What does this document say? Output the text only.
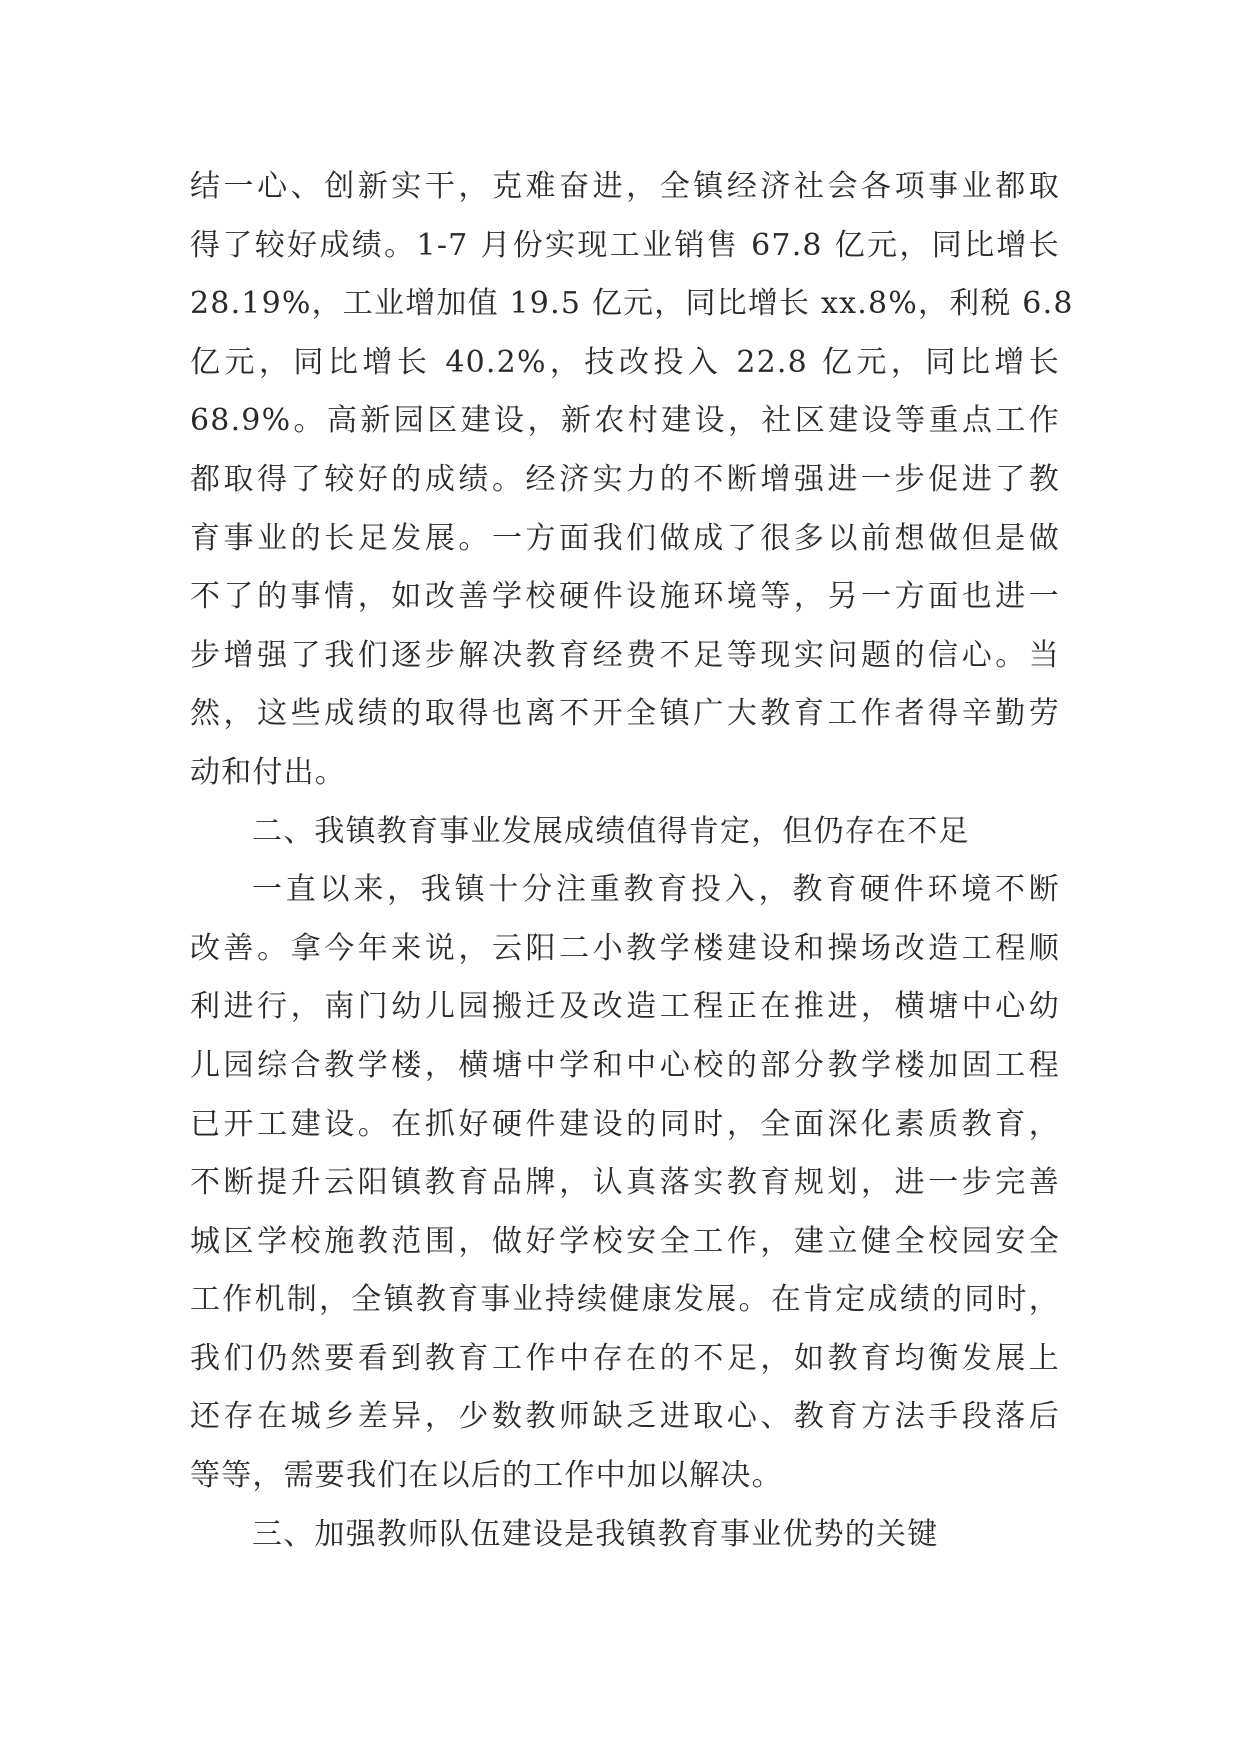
结一心、创新实干，克难奋进，全镇经济社会各项事业都取
得了较好成绩。1-7 月份实现工业销售 67.8 亿元，同比增长
28.19%，工业增加值 19.5 亿元，同比增长 xx.8%，利税 6.8
亿元，同比增长 40.2%，技改投入 22.8 亿元，同比增长
68.9%。高新园区建设，新农村建设，社区建设等重点工作
都取得了较好的成绩。经济实力的不断增强进一步促进了教
育事业的长足发展。一方面我们做成了很多以前想做但是做
不了的事情，如改善学校硬件设施环境等，另一方面也进一
步增强了我们逐步解决教育经费不足等现实问题的信心。当
然，这些成绩的取得也离不开全镇广大教育工作者得辛勤劳
动和付出。
二、我镇教育事业发展成绩值得肯定，但仍存在不足
一直以来，我镇十分注重教育投入，教育硬件环境不断
改善。拿今年来说，云阳二小教学楼建设和操场改造工程顺
利进行，南门幼儿园搬迁及改造工程正在推进，横塘中心幼
儿园综合教学楼，横塘中学和中心校的部分教学楼加固工程
已开工建设。在抓好硬件建设的同时，全面深化素质教育，
不断提升云阳镇教育品牌，认真落实教育规划，进一步完善
城区学校施教范围，做好学校安全工作，建立健全校园安全
工作机制，全镇教育事业持续健康发展。在肯定成绩的同时，
我们仍然要看到教育工作中存在的不足，如教育均衡发展上
还存在城乡差异，少数教师缺乏进取心、教育方法手段落后
等等，需要我们在以后的工作中加以解决。
三、加强教师队伍建设是我镇教育事业优势的关键
